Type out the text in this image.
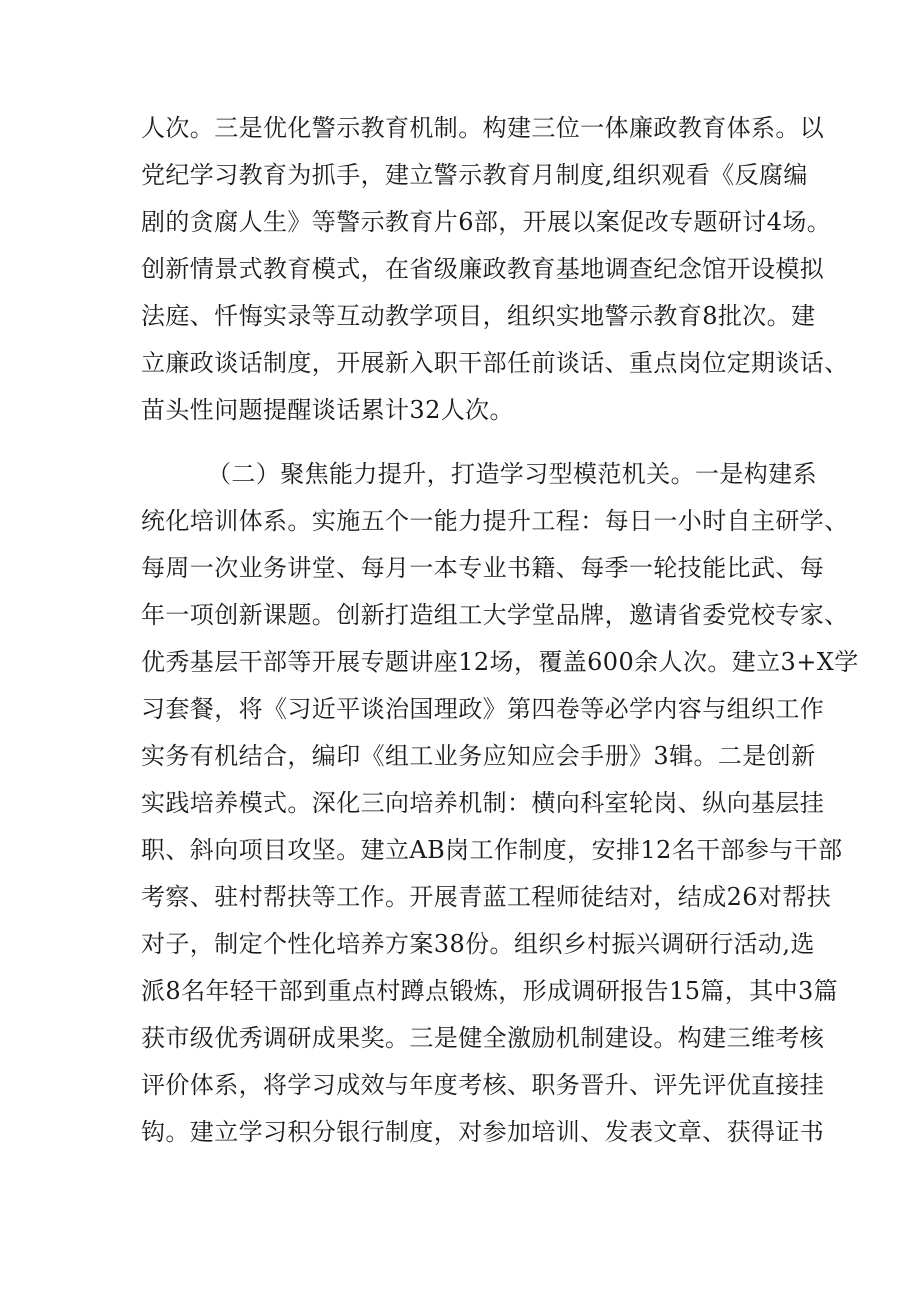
人次。三是优化警示教育机制。构建三位一体廉政教育体系。以
党纪学习教育为抓手，建立警示教育月制度,组织观看《反腐编
剧的贪腐人生》等警示教育片6部，开展以案促改专题研讨4场。
创新情景式教育模式，在省级廉政教育基地调查纪念馆开设模拟
法庭、忏悔实录等互动教学项目，组织实地警示教育8批次。建
立廉政谈话制度，开展新入职干部任前谈话、重点岗位定期谈话、
苗头性问题提醒谈话累计32人次。
（二）聚焦能力提升，打造学习型模范机关。一是构建系
统化培训体系。实施五个一能力提升工程：每日一小时自主研学、
每周一次业务讲堂、每月一本专业书籍、每季一轮技能比武、每
年一项创新课题。创新打造组工大学堂品牌，邀请省委党校专家、
优秀基层干部等开展专题讲座12场，覆盖600余人次。建立3+X学
习套餐，将《习近平谈治国理政》第四卷等必学内容与组织工作
实务有机结合，编印《组工业务应知应会手册》3辑。二是创新
实践培养模式。深化三向培养机制：横向科室轮岗、纵向基层挂
职、斜向项目攻坚。建立AB岗工作制度，安排12名干部参与干部
考察、驻村帮扶等工作。开展青蓝工程师徒结对，结成26对帮扶
对子，制定个性化培养方案38份。组织乡村振兴调研行活动,选
派8名年轻干部到重点村蹲点锻炼，形成调研报告15篇，其中3篇
获市级优秀调研成果奖。三是健全激励机制建设。构建三维考核
评价体系，将学习成效与年度考核、职务晋升、评先评优直接挂
钩。建立学习积分银行制度，对参加培训、发表文章、获得证书
